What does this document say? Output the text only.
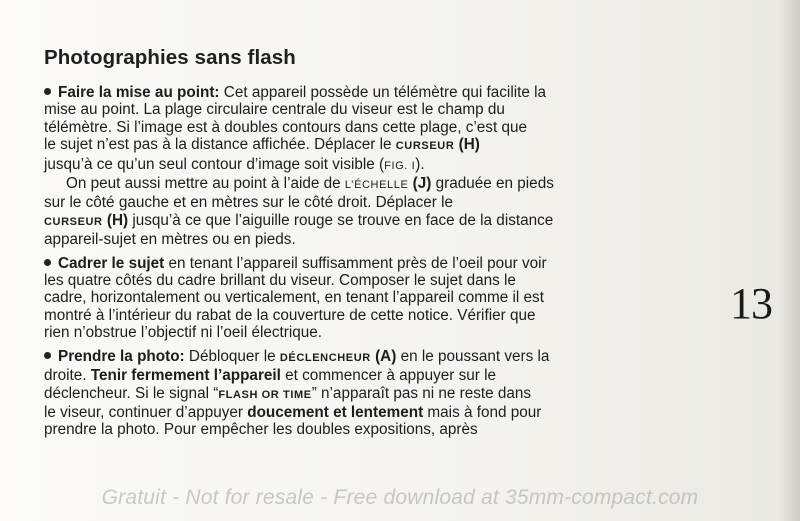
Photographies sans flash
Faire la mise au point: Cet appareil possède un télémètre qui facilite la
mise au point. La plage circulaire centrale du viseur est le champ du
télémètre. Si l’image est à doubles contours dans cette plage, c’est que
le sujet n’est pas à la distance affichée. Déplacer le CURSEUR (H)
jusqu’à ce qu’un seul contour d’image soit visible (FIG. I).
On peut aussi mettre au point à l’aide de L’ÉCHELLE (J) graduée en pieds
sur le côté gauche et en mètres sur le côté droit. Déplacer le
CURSEUR (H) jusqu’à ce que l’aiguille rouge se trouve en face de la distance
appareil-sujet en mètres ou en pieds.
Cadrer le sujet en tenant l’appareil suffisamment près de l’oeil pour voir
les quatre côtés du cadre brillant du viseur. Composer le sujet dans le
cadre, horizontalement ou verticalement, en tenant l’appareil comme il est
montré à l’intérieur du rabat de la couverture de cette notice. Vérifier que
rien n’obstrue l’objectif ni l’oeil électrique.
Prendre la photo: Débloquer le DÉCLENCHEUR (A) en le poussant vers la
droite. Tenir fermement l’appareil et commencer à appuyer sur le
déclencheur. Si le signal “FLASH OR TIME” n’apparaît pas ni ne reste dans
le viseur, continuer d’appuyer doucement et lentement mais à fond pour
prendre la photo. Pour empêcher les doubles expositions, après
13
Gratuit - Not for resale - Free download at 35mm-compact.com
